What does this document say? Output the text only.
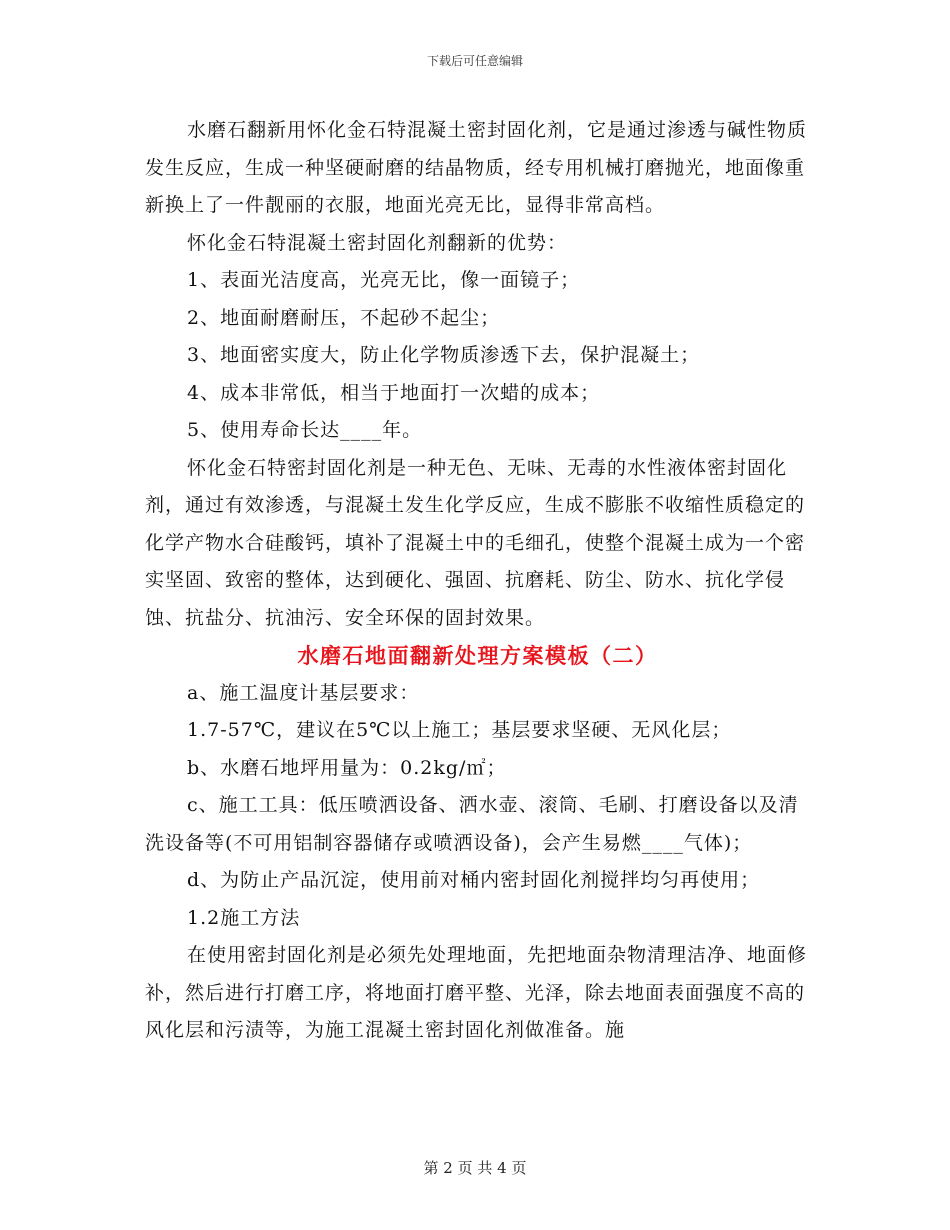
下载后可任意编辑

水磨石翻新用怀化金石特混凝土密封固化剂，它是通过渗透与碱性物质发生反应，生成一种坚硬耐磨的结晶物质，经专用机械打磨抛光，地面像重新换上了一件靓丽的衣服，地面光亮无比，显得非常高档。

怀化金石特混凝土密封固化剂翻新的优势：

1、表面光洁度高，光亮无比，像一面镜子；

2、地面耐磨耐压，不起砂不起尘；

3、地面密实度大，防止化学物质渗透下去，保护混凝土；

4、成本非常低，相当于地面打一次蜡的成本；

5、使用寿命长达____年。

怀化金石特密封固化剂是一种无色、无味、无毒的水性液体密封固化剂，通过有效渗透，与混凝土发生化学反应，生成不膨胀不收缩性质稳定的化学产物水合硅酸钙，填补了混凝土中的毛细孔，使整个混凝土成为一个密实坚固、致密的整体，达到硬化、强固、抗磨耗、防尘、防水、抗化学侵蚀、抗盐分、抗油污、安全环保的固封效果。

水磨石地面翻新处理方案模板（二）

a、施工温度计基层要求：

1.7-57℃，建议在5℃以上施工；基层要求坚硬、无风化层；

b、水磨石地坪用量为：0.2kg/㎡；

c、施工工具：低压喷洒设备、洒水壶、滚筒、毛刷、打磨设备以及清洗设备等(不可用铝制容器储存或喷洒设备)，会产生易燃____气体)；

d、为防止产品沉淀，使用前对桶内密封固化剂搅拌均匀再使用；

1.2施工方法

在使用密封固化剂是必须先处理地面，先把地面杂物清理洁净、地面修补，然后进行打磨工序，将地面打磨平整、光泽，除去地面表面强度不高的风化层和污渍等，为施工混凝土密封固化剂做准备。施

第 2 页 共 4 页
